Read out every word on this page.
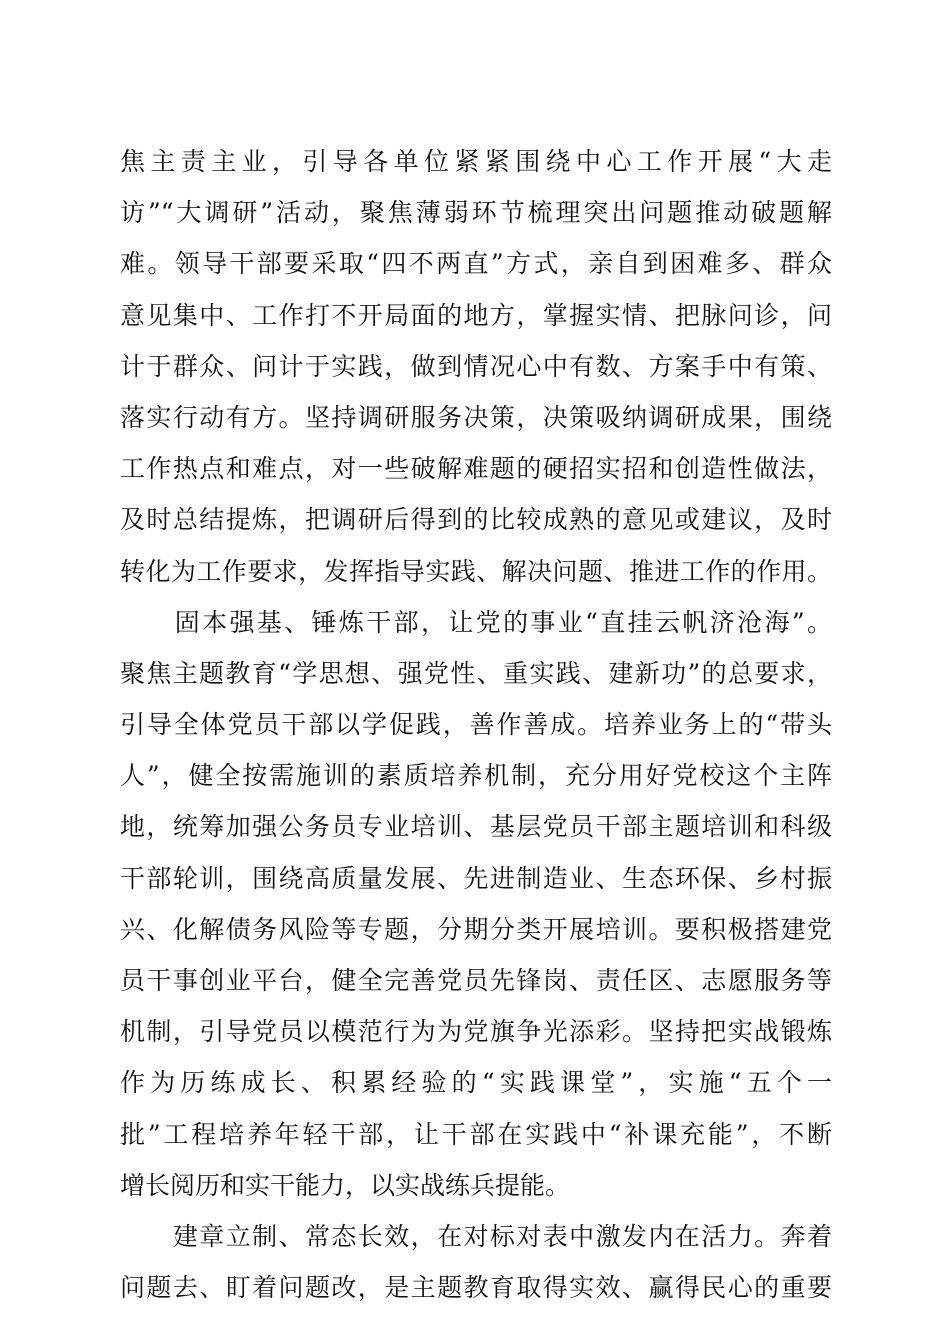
焦主责主业，引导各单位紧紧围绕中心工作开展“大走
访”“大调研”活动，聚焦薄弱环节梳理突出问题推动破题解
难。领导干部要采取“四不两直”方式，亲自到困难多、群众
意见集中、工作打不开局面的地方，掌握实情、把脉问诊，问
计于群众、问计于实践，做到情况心中有数、方案手中有策、
落实行动有方。坚持调研服务决策，决策吸纳调研成果，围绕
工作热点和难点，对一些破解难题的硬招实招和创造性做法，
及时总结提炼，把调研后得到的比较成熟的意见或建议，及时
转化为工作要求，发挥指导实践、解决问题、推进工作的作用。
　　固本强基、锤炼干部，让党的事业“直挂云帆济沧海”。
聚焦主题教育“学思想、强党性、重实践、建新功”的总要求，
引导全体党员干部以学促践，善作善成。培养业务上的“带头
人”，健全按需施训的素质培养机制，充分用好党校这个主阵
地，统筹加强公务员专业培训、基层党员干部主题培训和科级
干部轮训，围绕高质量发展、先进制造业、生态环保、乡村振
兴、化解债务风险等专题，分期分类开展培训。要积极搭建党
员干事创业平台，健全完善党员先锋岗、责任区、志愿服务等
机制，引导党员以模范行为为党旗争光添彩。坚持把实战锻炼
作为历练成长、积累经验的“实践课堂”，实施“五个一
批”工程培养年轻干部，让干部在实践中“补课充能”，不断
增长阅历和实干能力，以实战练兵提能。
　　建章立制、常态长效，在对标对表中激发内在活力。奔着
问题去、盯着问题改，是主题教育取得实效、赢得民心的重要
